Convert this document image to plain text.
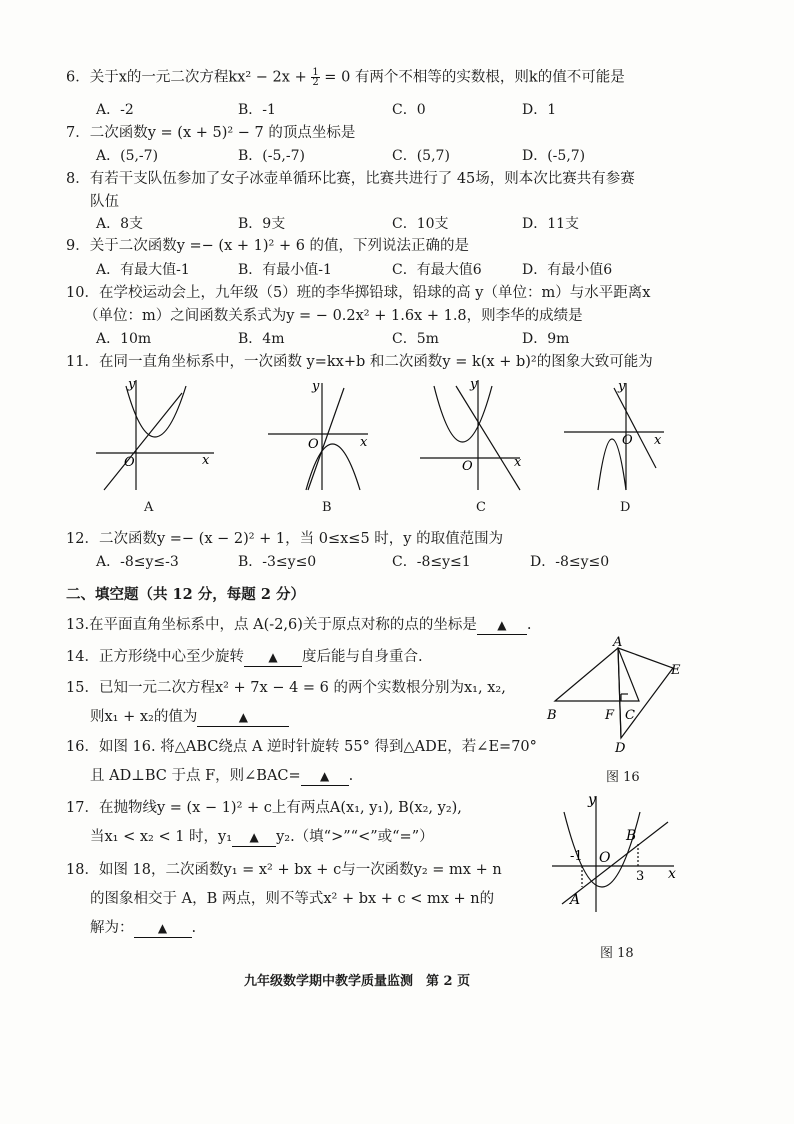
6．关于x的一元二次方程$kx^2 - 2x + \frac{1}{2} = 0$ 有两个不相等的实数根，则k的值不可能是
A．-2	B．-1	C．0	D．1
7．二次函数y = (x + 5)² − 7 的顶点坐标是
A．(5,-7)	B．(-5,-7)	C．(5,7)	D．(-5,7)
8．有若干支队伍参加了女子冰壶单循环比赛，比赛共进行了 45场，则本次比赛共有参赛
队伍
A．8支	B．9支	C．10支	D．11支
9．关于二次函数y =− (x + 1)² + 6 的值，下列说法正确的是
A．有最大值-1	B．有最小值-1	C．有最大值6	D．有最小值6
10．在学校运动会上，九年级（5）班的李华掷铅球，铅球的高 y（单位：m）与水平距离x
（单位：m）之间函数关系式为y = − 0.2x² + 1.6x + 1.8，则李华的成绩是
A．10m	B．4m	C．5m	D．9m
11．在同一直角坐标系中，一次函数 y=kx+b 和二次函数y = k(x + b)²的图象大致可能为
O	x
y
A
O	x
y
B
O	x
y
C
O x
y
D
12．二次函数y =− (x − 2)² + 1，当 0≤x≤5 时，y 的取值范围为
A．-8≤y≤-3	B．-3≤y≤0	C．-8≤y≤1	D．-8≤y≤0
二、填空题（共 12 分，每题 2 分）
13.在平面直角坐标系中，点 A(-2,6)关于原点对称的点的坐标是 ▲ .
14．正方形绕中心至少旋转 ▲ 度后能与自身重合.
15．已知一元二次方程x² + 7x − 4 = 6 的两个实数根分别为x₁, x₂,
则x₁ + x₂的值为	▲
16．如图 16. 将△ABC绕点 A 逆时针旋转 55° 得到△ADE，若∠E=70°
且 AD⊥BC 于点 F，则∠BAC= ▲ .
17．在抛物线y = (x − 1)² + c上有两点A(x₁, y₁), B(x₂, y₂),
当x₁ < x₂ < 1 时，y₁ ▲ y₂.（填“>”“<”或“=”）
18．如图 18，二次函数y₁ = x² + bx + c与一次函数y₂ = mx + n
的图象相交于 A，B 两点，则不等式x² + bx + c < mx + n的
解为： ▲ .
A
B	C
D
E
F
图 16
y
x
O
-1
3
B
A
图 18
九年级数学期中教学质量监测　第 2 页
